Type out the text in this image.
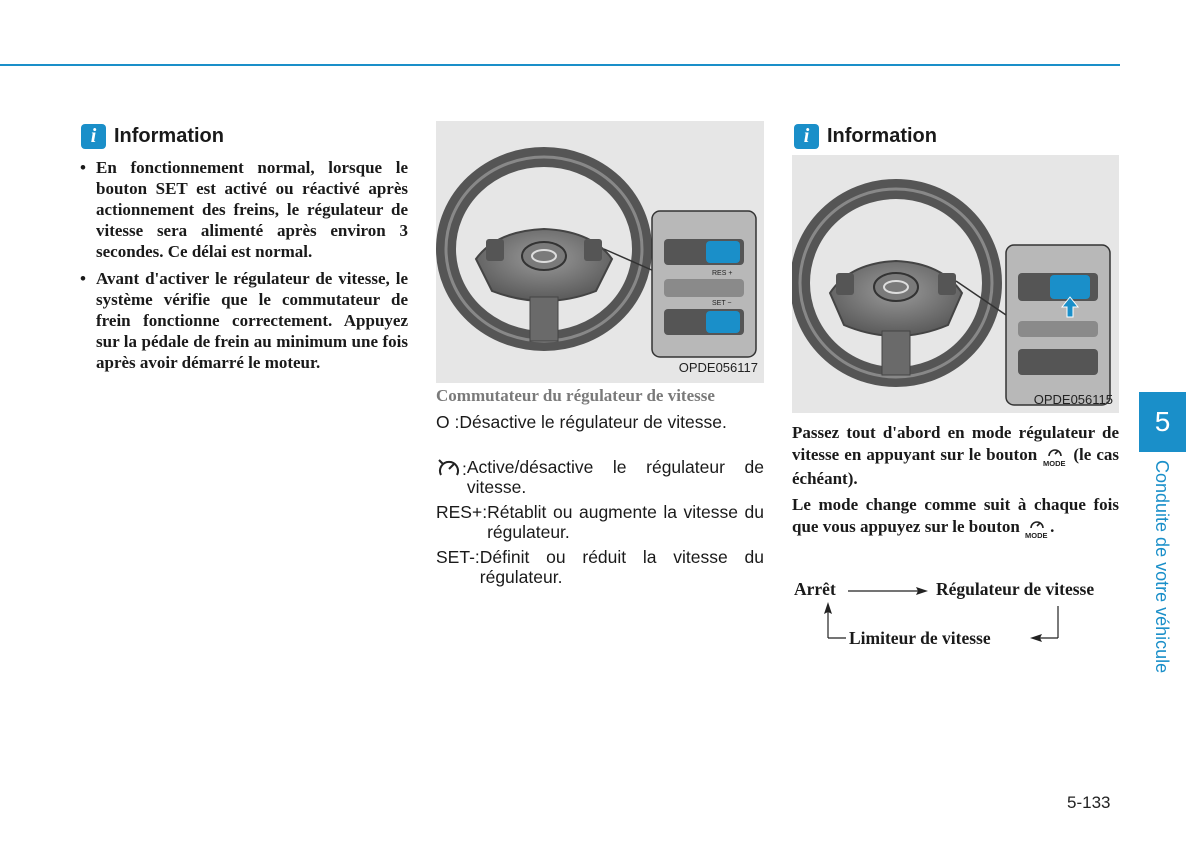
i Information
• En fonctionnement normal, lorsque le bouton SET est activé ou réactivé après actionnement des freins, le régulateur de vitesse sera alimenté après environ 3 secondes. Ce délai est normal.
• Avant d'activer le régulateur de vitesse, le système vérifie que le commutateur de frein fonctionne correctement. Appuyez sur la pédale de frein au minimum une fois après avoir démarré le moteur.
RES +
SET −
OPDE056117
Commutateur du régulateur de vitesse
O : Désactive le régulateur de vitesse.
: Active/désactive le régulateur de vitesse.
RES+: Rétablit ou augmente la vitesse du régulateur.
SET-: Définit ou réduit la vitesse du régulateur.
i Information
OPDE056115
Passez tout d'abord en mode régulateur de vitesse en appuyant sur le bouton MODE (le cas échéant).
Le mode change comme suit à chaque fois que vous appuyez sur le bouton MODE .
Arrêt	Régulateur de vitesse
Limiteur de vitesse
5
Conduite de votre véhicule
5-133
